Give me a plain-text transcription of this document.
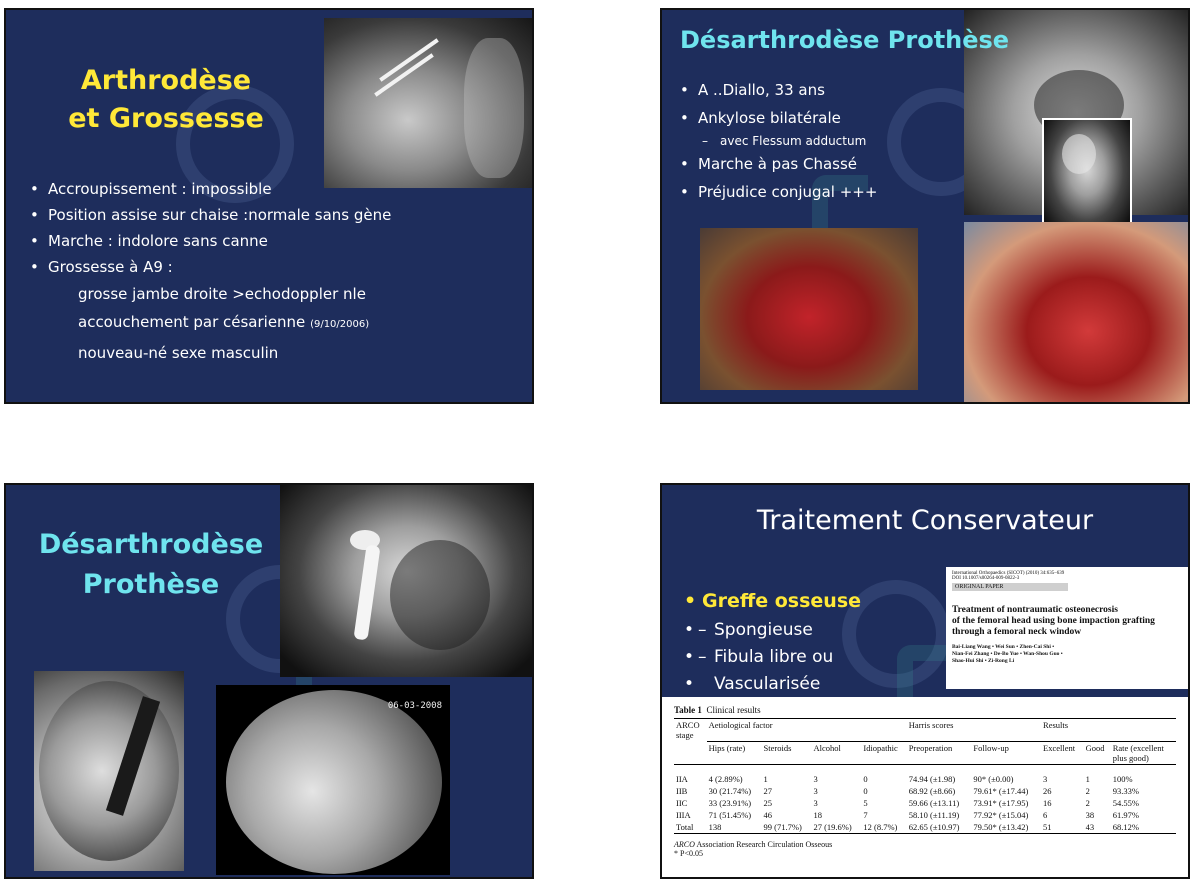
Arthrodèse
et Grossesse
• Accroupissement : impossible
• Position assise sur chaise :normale sans gène
• Marche : indolore sans canne
• Grossesse à A9 :
grosse jambe droite >echodoppler nle
accouchement par césarienne (9/10/2006)
nouveau-né sexe masculin
Désarthrodèse Prothèse
• A ..Diallo, 33 ans
• Ankylose bilatérale
– avec Flessum adductum
• Marche à pas Chassé
• Préjudice conjugal +++
Désarthrodèse
Prothèse
06-03-2008
Traitement Conservateur
• Greffe osseuse
• – Spongieuse
• – Fibula libre ou
• Vascularisée
International Orthopaedics (SICOT) (2010) 34:635–639
DOI 10.1007/s00264-009-0822-3
ORIGINAL PAPER
Treatment of nontraumatic osteonecrosis
of the femoral head using bone impaction grafting
through a femoral neck window
Bai-Liang Wang • Wei Sun • Zhen-Cai Shi •
Nian-Fei Zhang • De-Bo Yue • Wan-Shou Guo •
Shao-Hui Shi • Zi-Rong Li
Table 1 Clinical results
ARCO
stage	Aetiological factor				Harris scores		Results		
	Hips (rate)	Steroids	Alcohol	Idiopathic	Preoperation	Follow-up	Excellent	Good	Rate (excellent
plus good)

IIA	4 (2.89%)	1	3	0	74.94 (±1.98)	90* (±0.00)	3	1	100%
IIB	30 (21.74%)	27	3	0	68.92 (±8.66)	79.61* (±17.44)	26	2	93.33%
IIC	33 (23.91%)	25	3	5	59.66 (±13.11)	73.91* (±17.95)	16	2	54.55%
IIIA	71 (51.45%)	46	18	7	58.10 (±11.19)	77.92* (±15.04)	6	38	61.97%
Total	138	99 (71.7%)	27 (19.6%)	12 (8.7%)	62.65 (±10.97)	79.50* (±13.42)	51	43	68.12%
ARCO Association Research Circulation Osseous
* P<0.05
